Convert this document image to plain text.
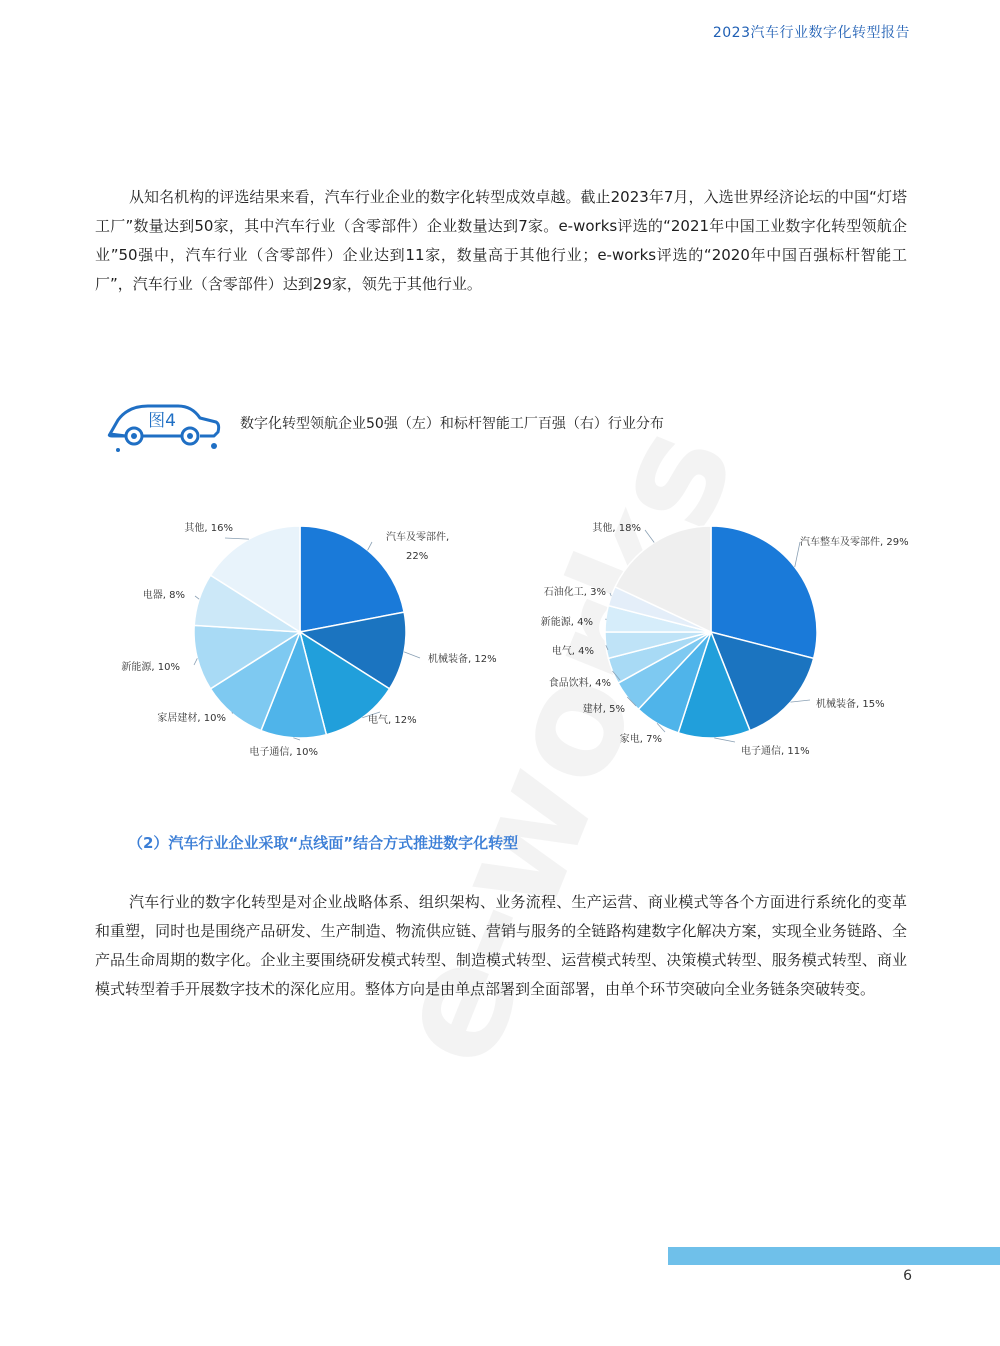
2023汽车行业数字化转型报告
从知名机构的评选结果来看，汽车行业企业的数字化转型成效卓越。截止2023年7月，入选世界经济论坛的中国“灯塔工厂”数量达到50家，其中汽车行业（含零部件）企业数量达到7家。e-works评选的“2021年中国工业数字化转型领航企业”50强中，汽车行业（含零部件）企业达到11家，数量高于其他行业；e-works评选的“2020年中国百强标杆智能工厂”，汽车行业（含零部件）达到29家，领先于其他行业。
图4	数字化转型领航企业50强（左）和标杆智能工厂百强（右）行业分布
汽车及零部件, 22%
机械装备, 12%
电气, 12%
电子通信, 10%
家居建材, 10%
新能源, 10%
电器, 8%
其他, 16%
汽车整车及零部件, 29%
机械装备, 15%
电子通信, 11%
家电, 7%
建材, 5%
食品饮料, 4%
电气, 4%
新能源, 4%
石油化工, 3%
其他, 18%
（2）汽车行业企业采取“点线面”结合方式推进数字化转型
汽车行业的数字化转型是对企业战略体系、组织架构、业务流程、生产运营、商业模式等各个方面进行系统化的变革和重塑，同时也是围绕产品研发、生产制造、物流供应链、营销与服务的全链路构建数字化解决方案，实现全业务链路、全产品生命周期的数字化。企业主要围绕研发模式转型、制造模式转型、运营模式转型、决策模式转型、服务模式转型、商业模式转型着手开展数字技术的深化应用。整体方向是由单点部署到全面部署，由单个环节突破向全业务链条突破转变。
6
